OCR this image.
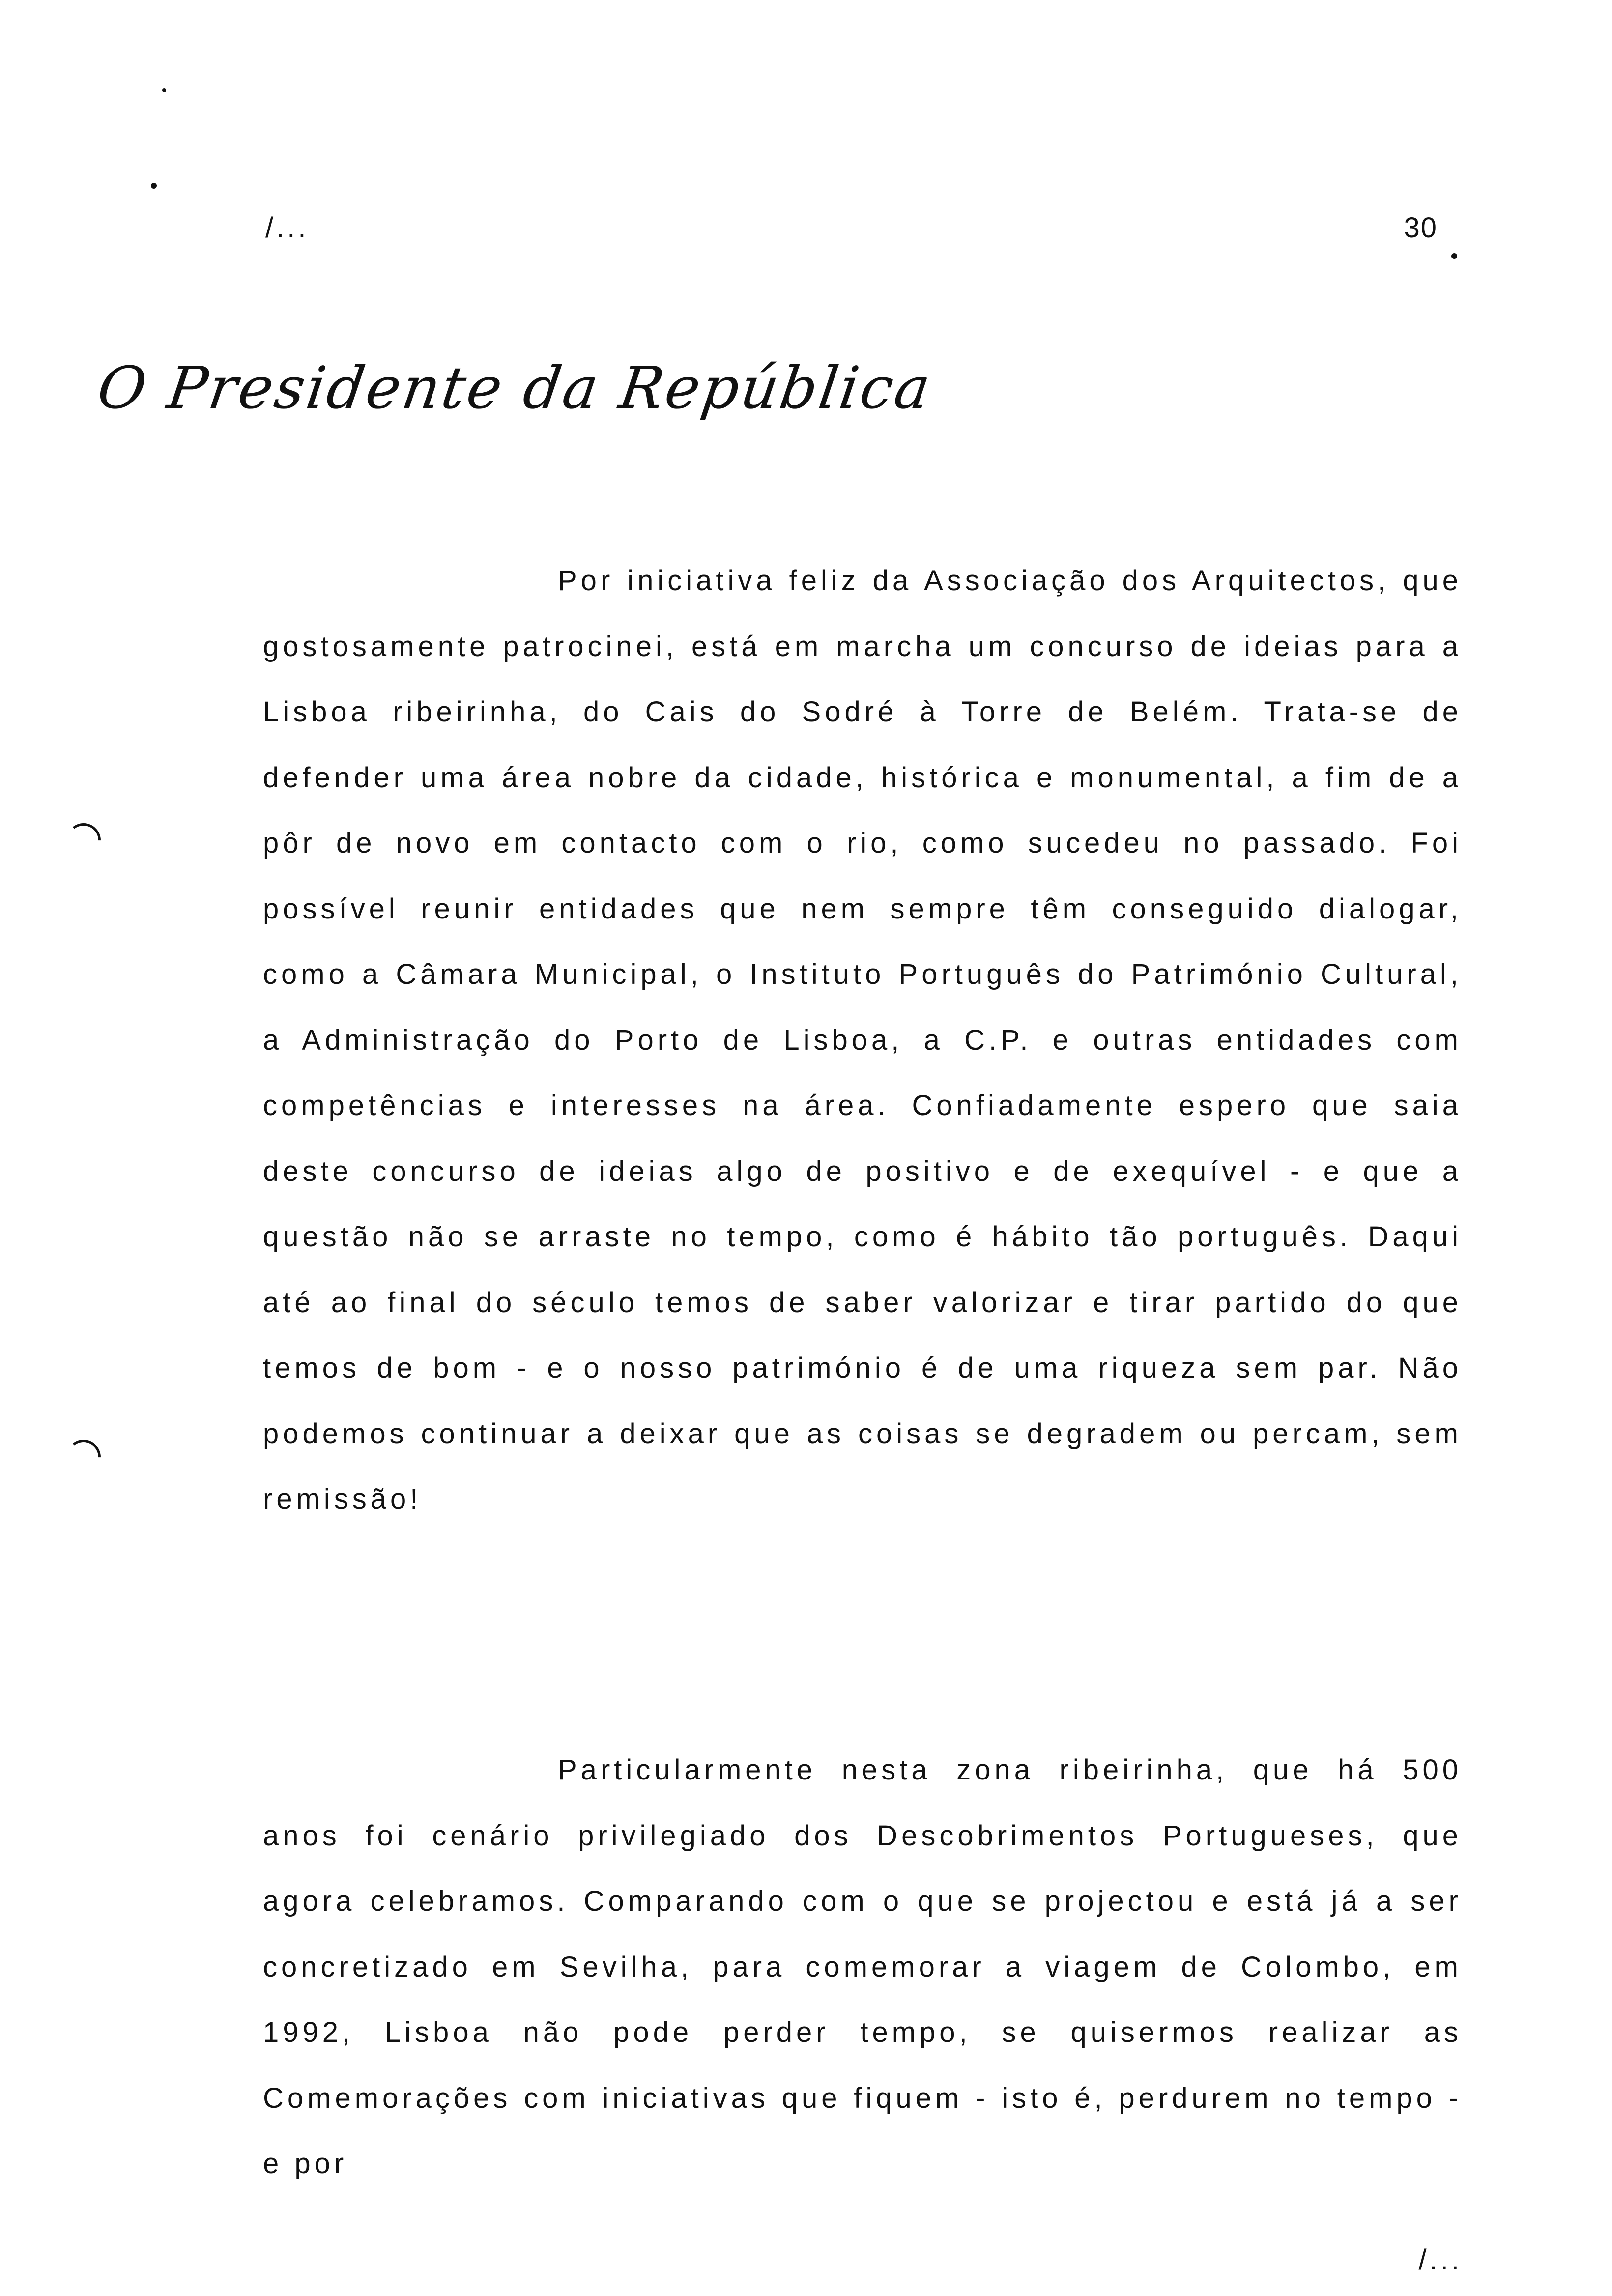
/...	30
O Presidente da República

Por iniciativa feliz da Associação dos Arquitectos, que gostosamente patrocinei, está em marcha um concurso de ideias para a Lisboa ribeirinha, do Cais do Sodré à Torre de Belém. Trata-se de defender uma área nobre da cidade, histórica e monumental, a fim de a pôr de novo em contacto com o rio, como sucedeu no passado. Foi possível reunir entidades que nem sempre têm conseguido dialogar, como a Câmara Municipal, o Instituto Português do Património Cultural, a Administração do Porto de Lisboa, a C.P. e outras entidades com competências e interesses na área. Confiadamente espero que saia deste concurso de ideias algo de positivo e de exequível - e que a questão não se arraste no tempo, como é hábito tão português. Daqui até ao final do século temos de saber valorizar e tirar partido do que temos de bom - e o nosso património é de uma riqueza sem par. Não podemos continuar a deixar que as coisas se degradem ou percam, sem remissão!

Particularmente nesta zona ribeirinha, que há 500 anos foi cenário privilegiado dos Descobrimentos Portugueses, que agora celebramos. Comparando com o que se projectou e está já a ser concretizado em Sevilha, para comemorar a viagem de Colombo, em 1992, Lisboa não pode perder tempo, se quisermos realizar as Comemorações com iniciativas que fiquem - isto é, perdurem no tempo - e por

/...
